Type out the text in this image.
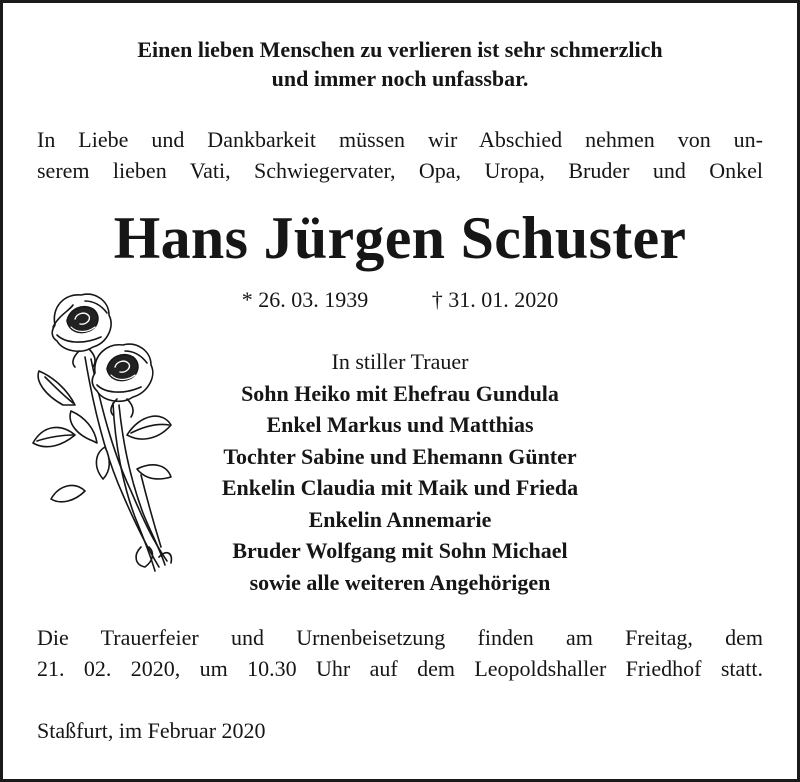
Einen lieben Menschen zu verlieren ist sehr schmerzlich
und immer noch unfassbar.
In Liebe und Dankbarkeit müssen wir Abschied nehmen von un-
serem lieben Vati, Schwiegervater, Opa, Uropa, Bruder und Onkel
Hans Jürgen Schuster
* 26. 03. 1939	† 31. 01. 2020
In stiller Trauer
Sohn Heiko mit Ehefrau Gundula
Enkel Markus und Matthias
Tochter Sabine und Ehemann Günter
Enkelin Claudia mit Maik und Frieda
Enkelin Annemarie
Bruder Wolfgang mit Sohn Michael
sowie alle weiteren Angehörigen
Die Trauerfeier und Urnenbeisetzung finden am Freitag, dem
21. 02. 2020, um 10.30 Uhr auf dem Leopoldshaller Friedhof statt.
Staßfurt, im Februar 2020
